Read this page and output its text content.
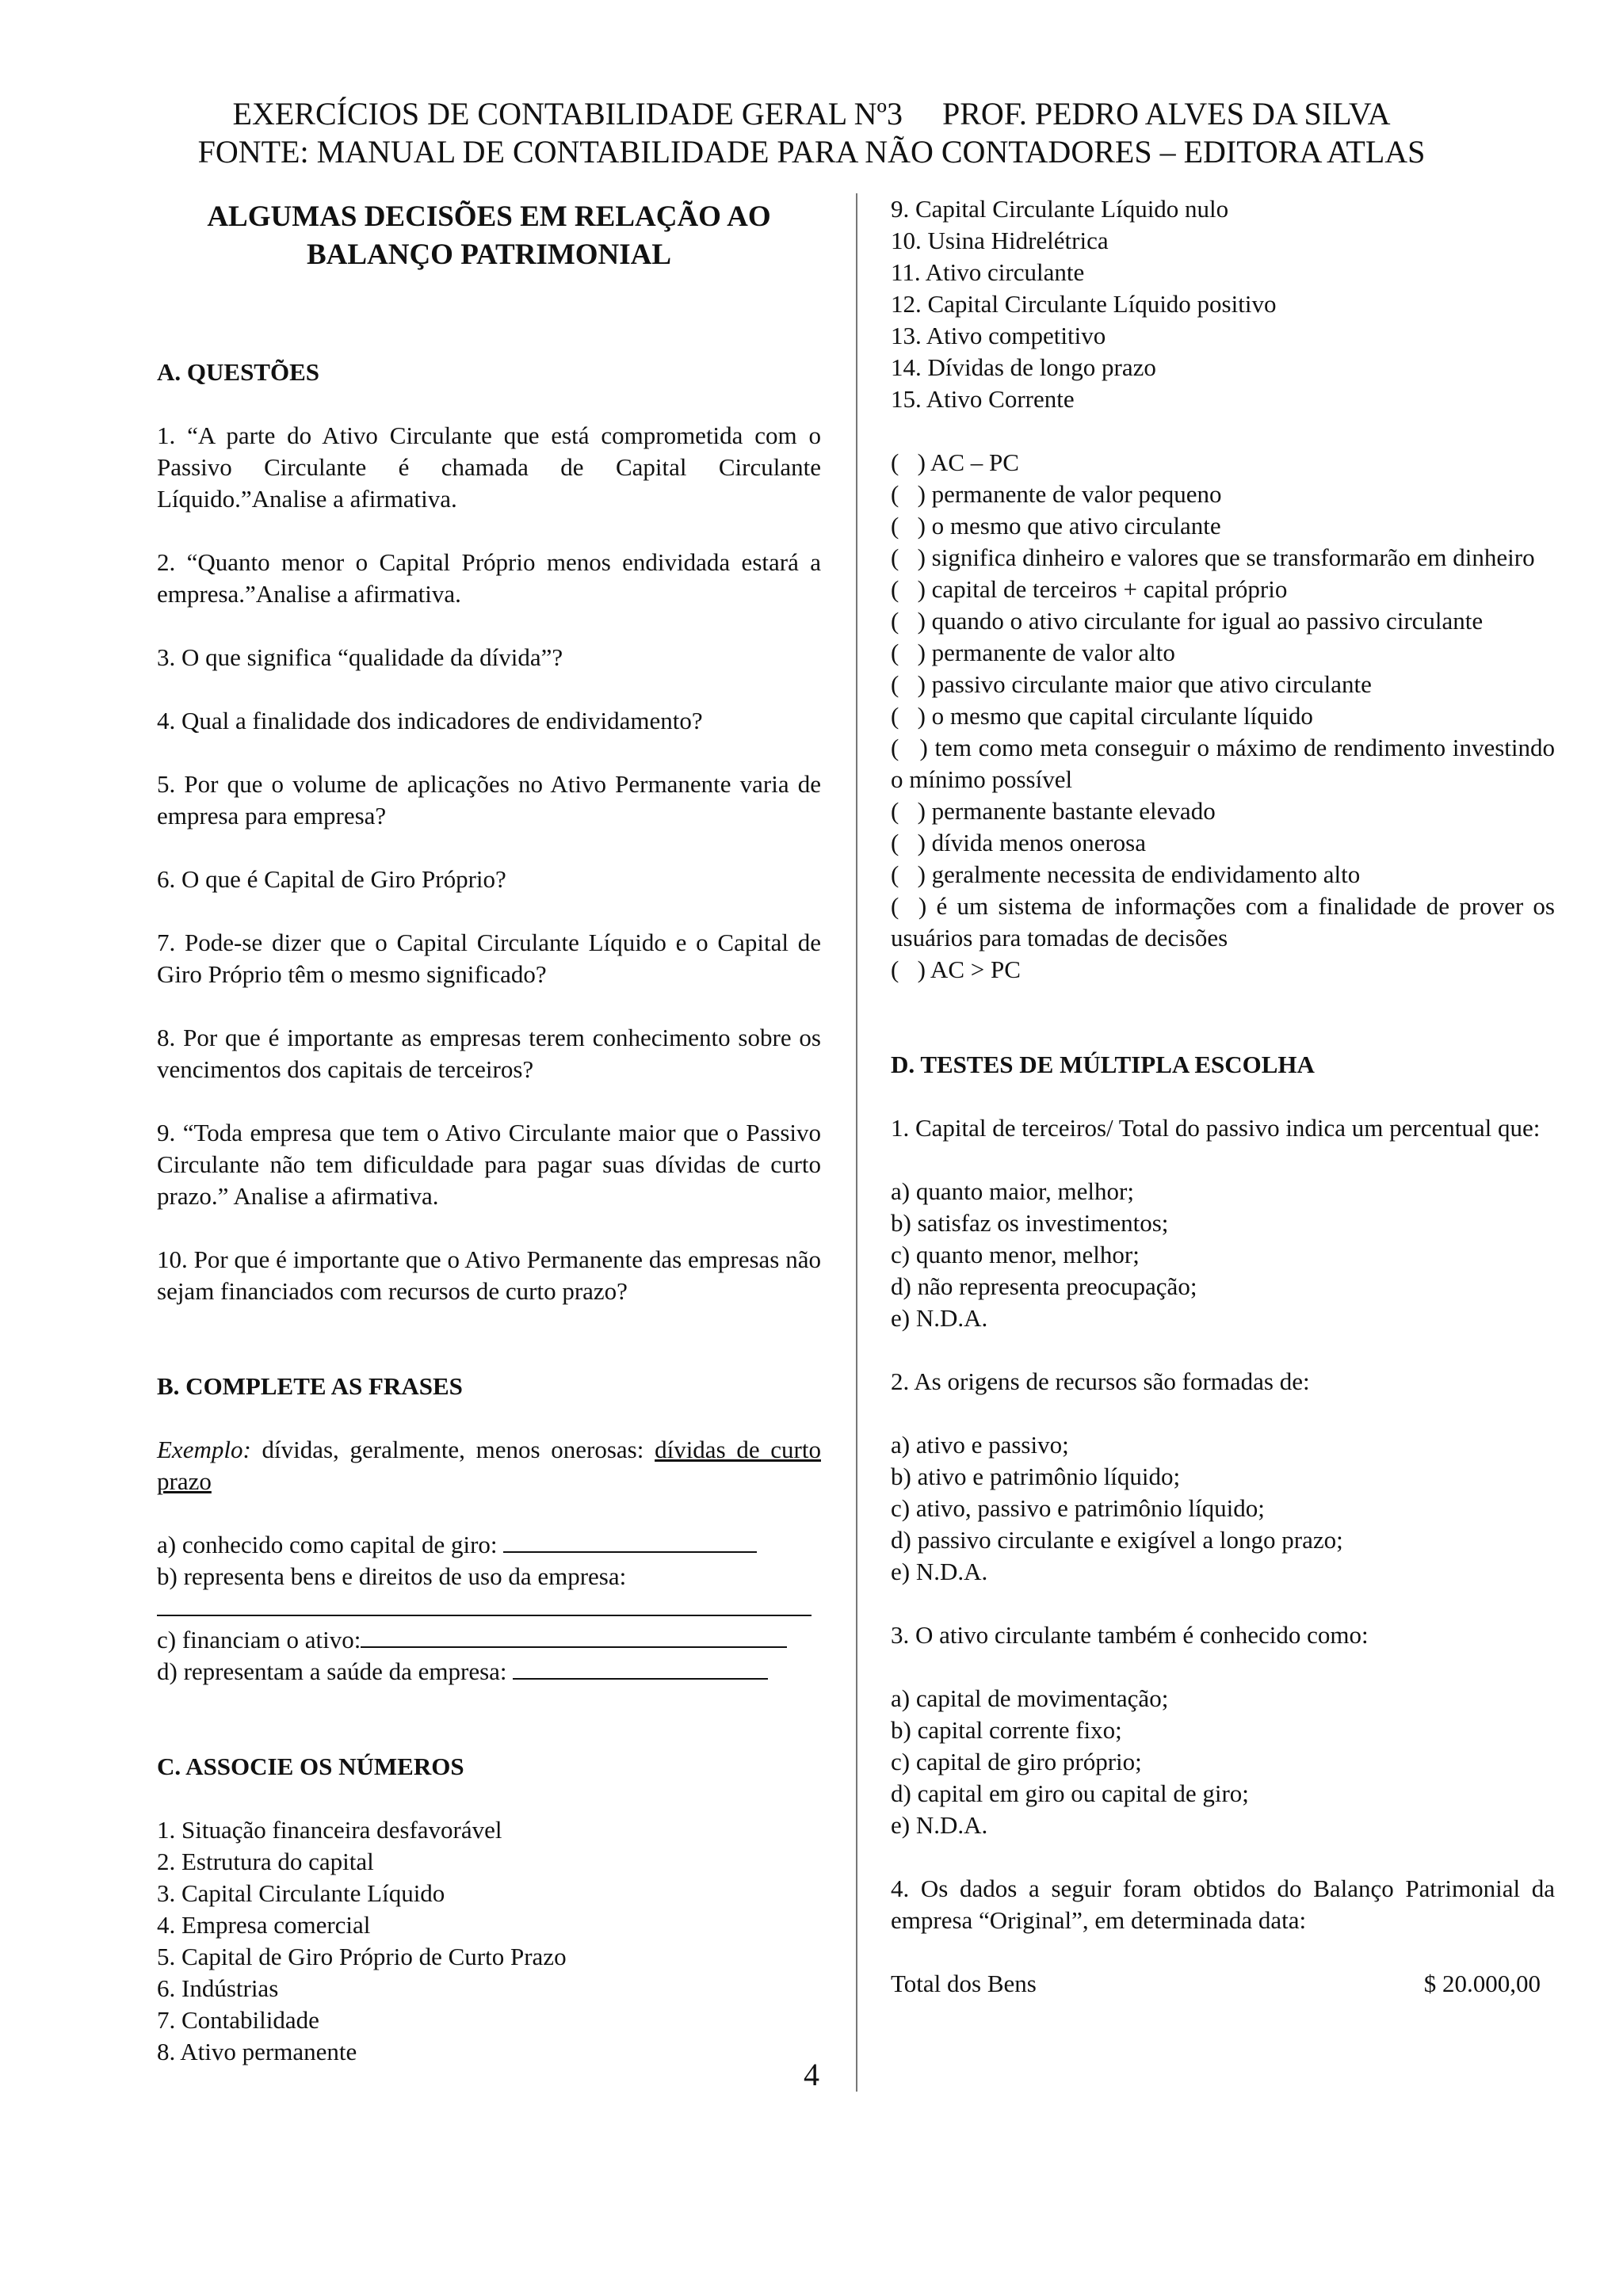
EXERCÍCIOS DE CONTABILIDADE GERAL Nº3     PROF. PEDRO ALVES DA SILVA
FONTE: MANUAL DE CONTABILIDADE PARA NÃO CONTADORES – EDITORA ATLAS
ALGUMAS DECISÕES EM RELAÇÃO AO
BALANÇO PATRIMONIAL

A. QUESTÕES

1. “A parte do Ativo Circulante que está comprometida com o Passivo Circulante é chamada de Capital Circulante Líquido.”Analise a afirmativa.

2. “Quanto menor o Capital Próprio menos endividada estará a empresa.”Analise a afirmativa.

3. O que significa “qualidade da dívida”?

4. Qual a finalidade dos indicadores de endividamento?

5. Por que o volume de aplicações no Ativo Permanente varia de empresa para empresa?

6. O que é Capital de Giro Próprio?

7. Pode-se dizer que o Capital Circulante Líquido e o Capital de Giro Próprio têm o mesmo significado?

8. Por que é importante as empresas terem conhecimento sobre os vencimentos dos capitais de terceiros?

9. “Toda empresa que tem o Ativo Circulante maior que o Passivo Circulante não tem dificuldade para pagar suas dívidas de curto prazo.” Analise a afirmativa.

10. Por que é importante que o Ativo Permanente das empresas não sejam financiados com recursos de curto prazo?

B. COMPLETE AS FRASES

Exemplo: dívidas, geralmente, menos onerosas: dívidas de curto prazo

a) conhecido como capital de giro:

b) representa bens e direitos de uso da empresa:

c) financiam o ativo:

d) representam a saúde da empresa:

C. ASSOCIE OS NÚMEROS

1. Situação financeira desfavorável

2. Estrutura do capital

3. Capital Circulante Líquido

4. Empresa comercial

5. Capital de Giro Próprio de Curto Prazo

6. Indústrias

7. Contabilidade

8. Ativo permanente

9. Capital Circulante Líquido nulo

10. Usina Hidrelétrica

11. Ativo circulante

12. Capital Circulante Líquido positivo

13. Ativo competitivo

14. Dívidas de longo prazo

15. Ativo Corrente

(   ) AC – PC

(   ) permanente de valor pequeno

(   ) o mesmo que ativo circulante

(   ) significa dinheiro e valores que se transformarão em dinheiro

(   ) capital de terceiros + capital próprio

(   ) quando o ativo circulante for igual ao passivo circulante

(   ) permanente de valor alto

(   ) passivo circulante maior que ativo circulante

(   ) o mesmo que capital circulante líquido

(   ) tem como meta conseguir o máximo de rendimento investindo o mínimo possível

(   ) permanente bastante elevado

(   ) dívida menos onerosa

(   ) geralmente necessita de endividamento alto

(  ) é um sistema de informações com a finalidade de prover os usuários para tomadas de decisões

(   ) AC > PC

D. TESTES DE MÚLTIPLA ESCOLHA

1. Capital de terceiros/ Total do passivo indica um percentual que:

a) quanto maior, melhor;

b) satisfaz os investimentos;

c) quanto menor, melhor;

d) não representa preocupação;

e) N.D.A.

2. As origens de recursos são formadas de:

a) ativo e passivo;

b) ativo e patrimônio líquido;

c) ativo, passivo e patrimônio líquido;

d) passivo circulante e exigível a longo prazo;

e) N.D.A.

3. O ativo circulante também é conhecido como:

a) capital de movimentação;

b) capital corrente fixo;

c) capital de giro próprio;

d) capital em giro ou capital de giro;

e) N.D.A.

4. Os dados a seguir foram obtidos do Balanço Patrimonial da empresa “Original”, em determinada data:

Total dos Bens	$ 20.000,00
4
